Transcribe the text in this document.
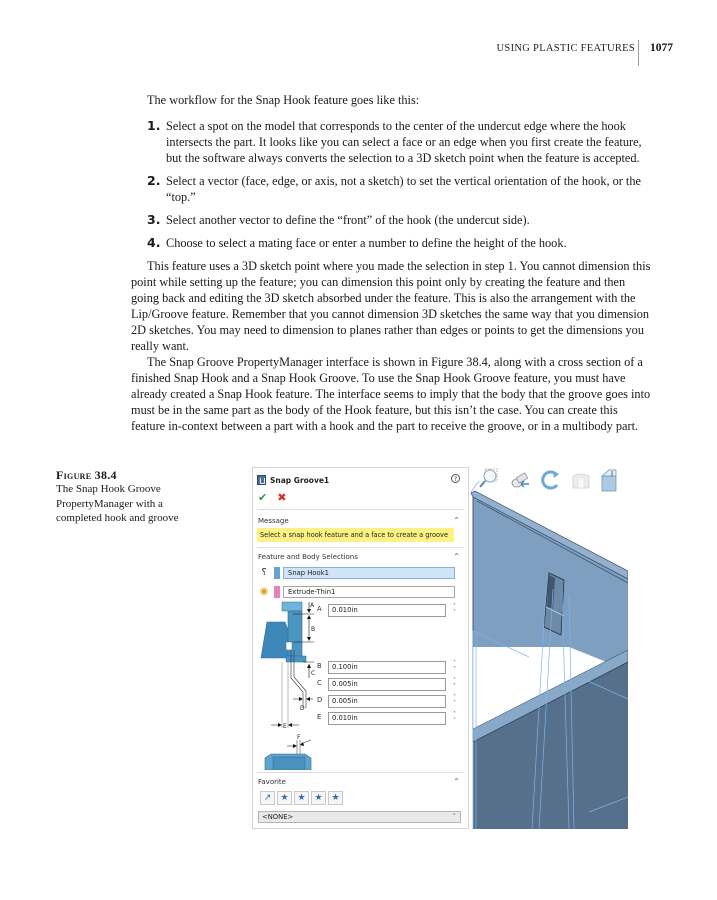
USING PLASTIC FEATURES 1077

The workflow for the Snap Hook feature goes like this:

1. Select a spot on the model that corresponds to the center of the undercut edge where the hook intersects the part. It looks like you can select a face or an edge when you first create the feature, but the software always converts the selection to a 3D sketch point when the feature is accepted.
2. Select a vector (face, edge, or axis, not a sketch) to set the vertical orientation of the hook, or the “top.”
3. Select another vector to define the “front” of the hook (the undercut side).
4. Choose to select a mating face or enter a number to define the height of the hook.

This feature uses a 3D sketch point where you made the selection in step 1. You cannot dimension this point while setting up the feature; you can dimension this point only by creating the feature and then going back and editing the 3D sketch absorbed under the feature. This is also the arrangement with the Lip/Groove feature. Remember that you cannot dimension 3D sketches the same way that you dimension 2D sketches. You may need to dimension to planes rather than edges or points to get the dimensions you really want.

The Snap Groove PropertyManager interface is shown in Figure 38.4, along with a cross section of a finished Snap Hook and a Snap Hook Groove. To use the Snap Hook Groove feature, you must have already created a Snap Hook feature. The interface seems to imply that the body that the groove goes into must be in the same part as the body of the Hook feature, but this isn’t the case. You can create this feature in-context between a part with a hook and the part to receive the groove, or in a multibody part.

Figure 38.4
The Snap Hook Groove PropertyManager with a completed hook and groove
Snap Groove1	?
✔ ✖
Message	⌃
Select a snap hook feature and a face to create a groove
Feature and Body Selections	⌃
⸮	Snap Hook1
◉	Extrude-Thin1
A	0.010in	˄
˅
B	0.100in	˄
˅
C	0.005in	˄
˅
D	0.005in	˄
˅
E	0.010in	˄
˅
A
B
C
D
E
F
Favorite	⌃
↗	★ ★ ★ ★
<NONE>	˅
